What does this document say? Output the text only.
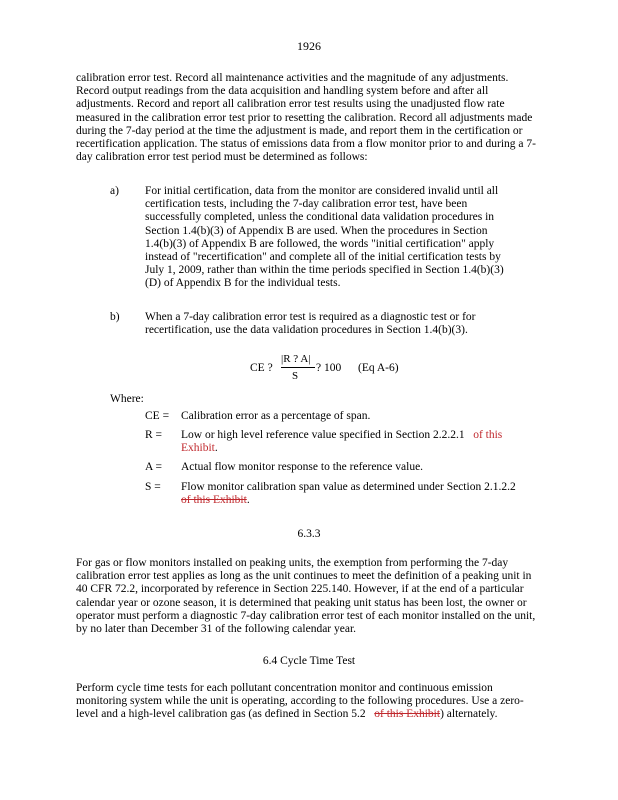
1926
calibration error test. Record all maintenance activities and the magnitude of any adjustments. Record output readings from the data acquisition and handling system before and after all adjustments. Record and report all calibration error test results using the unadjusted flow rate measured in the calibration error test prior to resetting the calibration. Record all adjustments made during the 7-day period at the time the adjustment is made, and report them in the certification or recertification application. The status of emissions data from a flow monitor prior to and during a 7-day calibration error test period must be determined as follows:
a)	For initial certification, data from the monitor are considered invalid until all certification tests, including the 7-day calibration error test, have been successfully completed, unless the conditional data validation procedures in Section 1.4(b)(3) of Appendix B are used. When the procedures in Section 1.4(b)(3) of Appendix B are followed, the words "initial certification" apply instead of "recertification" and complete all of the initial certification tests by July 1, 2009, rather than within the time periods specified in Section 1.4(b)(3)(D) of Appendix B for the individual tests.
b)	When a 7-day calibration error test is required as a diagnostic test or for recertification, use the data validation procedures in Section 1.4(b)(3).
CE ?
|R ? A|
S
? 100 (Eq A-6)
Where:
CE =	Calibration error as a percentage of span.
R =	Low or high level reference value specified in Section 2.2.2.1 of this Exhibit.
A =	Actual flow monitor response to the reference value.
S =	Flow monitor calibration span value as determined under Section 2.1.2.2
of this Exhibit.
6.3.3
For gas or flow monitors installed on peaking units, the exemption from performing the 7-day calibration error test applies as long as the unit continues to meet the definition of a peaking unit in 40 CFR 72.2, incorporated by reference in Section 225.140. However, if at the end of a particular calendar year or ozone season, it is determined that peaking unit status has been lost, the owner or operator must perform a diagnostic 7-day calibration error test of each monitor installed on the unit, by no later than December 31 of the following calendar year.
6.4 Cycle Time Test
Perform cycle time tests for each pollutant concentration monitor and continuous emission monitoring system while the unit is operating, according to the following procedures. Use a zero-level and a high-level calibration gas (as defined in Section 5.2 of this Exhibit) alternately.
